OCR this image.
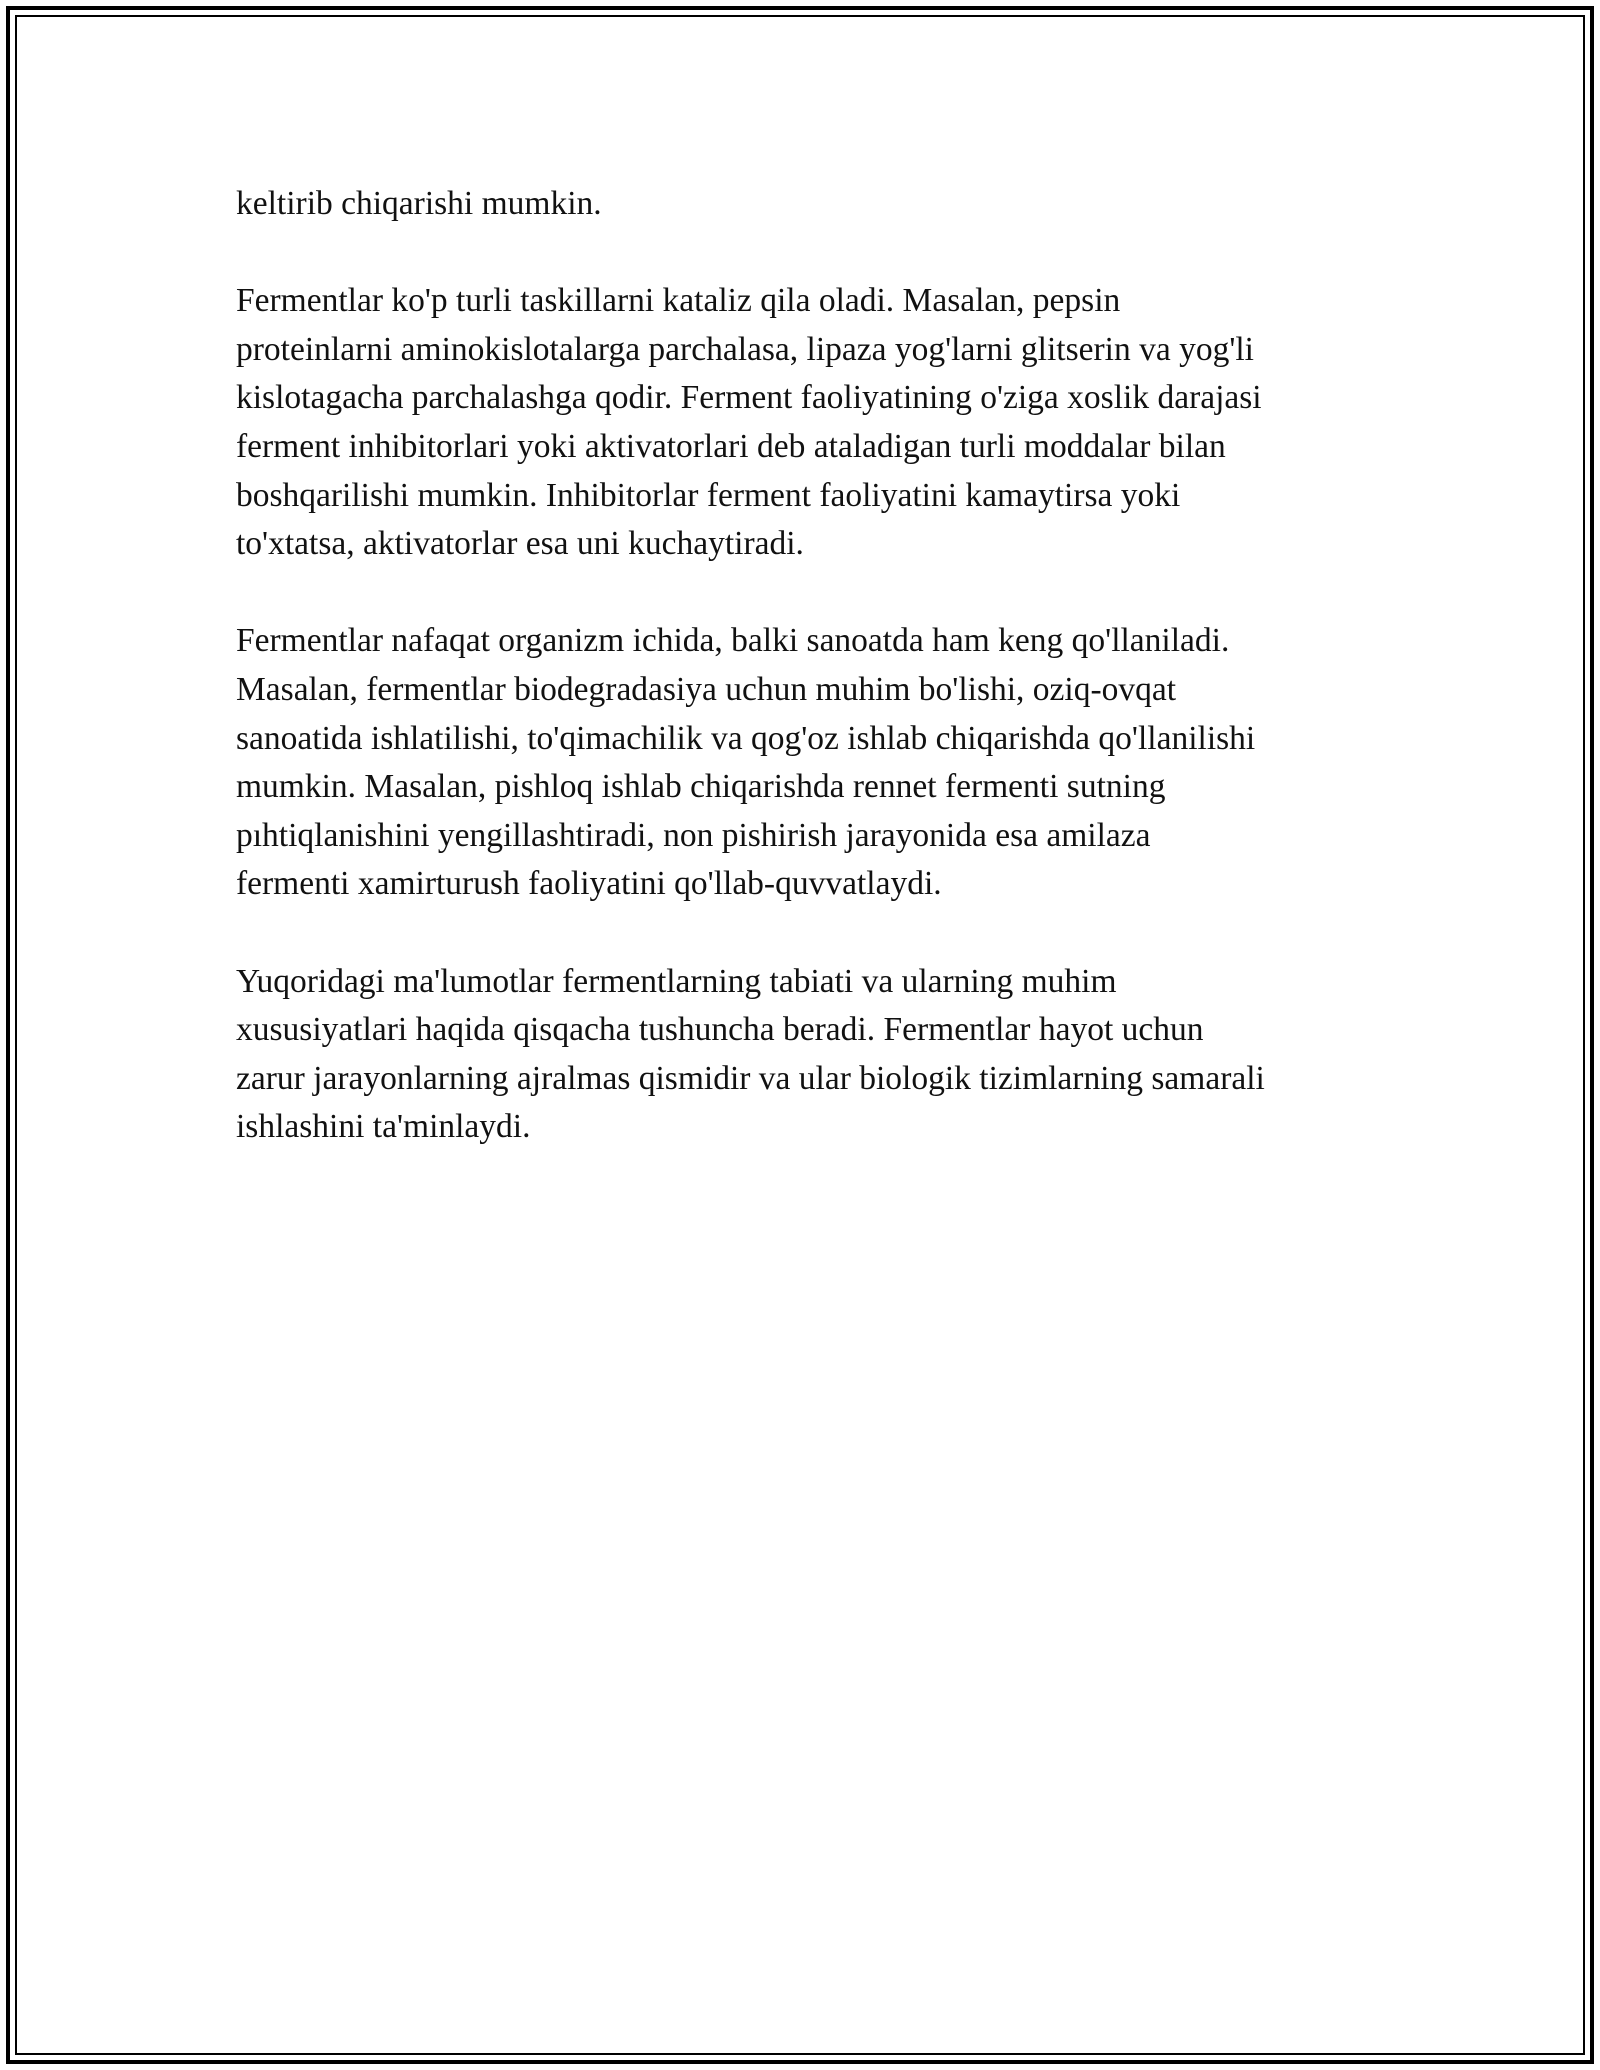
keltirib chiqarishi mumkin.

Fermentlar ko'p turli taskillarni kataliz qila oladi. Masalan, pepsin
proteinlarni aminokislotalarga parchalasa, lipaza yog'larni glitserin va yog'li
kislotagacha parchalashga qodir. Ferment faoliyatining o'ziga xoslik darajasi
ferment inhibitorlari yoki aktivatorlari deb ataladigan turli moddalar bilan
boshqarilishi mumkin. Inhibitorlar ferment faoliyatini kamaytirsa yoki
to'xtatsa, aktivatorlar esa uni kuchaytiradi.

Fermentlar nafaqat organizm ichida, balki sanoatda ham keng qo'llaniladi.
Masalan, fermentlar biodegradasiya uchun muhim bo'lishi, oziq-ovqat
sanoatida ishlatilishi, to'qimachilik va qog'oz ishlab chiqarishda qo'llanilishi
mumkin. Masalan, pishloq ishlab chiqarishda rennet fermenti sutning
pıhtiqlanishini yengillashtiradi, non pishirish jarayonida esa amilaza
fermenti xamirturush faoliyatini qo'llab-quvvatlaydi.

Yuqoridagi ma'lumotlar fermentlarning tabiati va ularning muhim
xususiyatlari haqida qisqacha tushuncha beradi. Fermentlar hayot uchun
zarur jarayonlarning ajralmas qismidir va ular biologik tizimlarning samarali
ishlashini ta'minlaydi.
